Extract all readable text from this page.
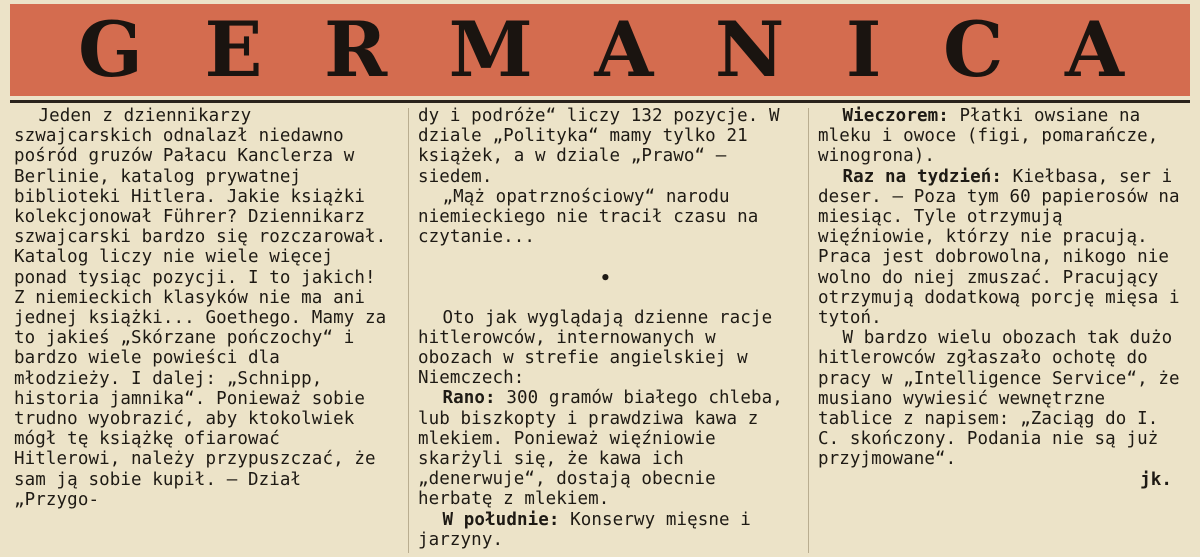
G E R M A N I C A

Jeden z dziennikarzy szwajcarskich odnalazł niedawno pośród gruzów Pałacu Kanclerza w Berlinie, katalog prywatnej biblioteki Hitlera. Jakie książki kolekcjonował Führer? Dziennikarz szwajcarski bardzo się rozczarował. Katalog liczy nie wiele więcej ponad tysiąc pozycji. I to jakich! Z niemieckich klasyków nie ma ani jednej książki... Goethego. Mamy za to jakieś „Skórzane pończochy“ i bardzo wiele powieści dla młodzieży. I dalej: „Schnipp, historia jamnika“. Ponieważ sobie trudno wyobrazić, aby ktokolwiek mógł tę książkę ofiarować Hitlerowi, należy przypuszczać, że sam ją sobie kupił. — Dział „Przygo-

dy i podróże“ liczy 132 pozycje. W dziale „Polityka“ mamy tylko 21 książek, a w dziale „Prawo“ — siedem.

„Mąż opatrznościowy“ narodu niemieckiego nie tracił czasu na czytanie...

•

Oto jak wyglądają dzienne racje hitlerowców, internowanych w obozach w strefie angielskiej w Niemczech:

Rano: 300 gramów białego chleba, lub biszkopty i prawdziwa kawa z mlekiem. Ponieważ więźniowie skarżyli się, że kawa ich „denerwuje“, dostają obecnie herbatę z mlekiem.

W południe: Konserwy mięsne i jarzyny.

Wieczorem: Płatki owsiane na mleku i owoce (figi, pomarańcze, winogrona).

Raz na tydzień: Kiełbasa, ser i deser. — Poza tym 60 papierosów na miesiąc. Tyle otrzymują więźniowie, którzy nie pracują. Praca jest dobrowolna, nikogo nie wolno do niej zmuszać. Pracujący otrzymują dodatkową porcję mięsa i tytoń.

W bardzo wielu obozach tak dużo hitlerowców zgłaszało ochotę do pracy w „Intelligence Service“, że musiano wywiesić wewnętrzne tablice z napisem: „Zaciąg do I. C. skończony. Podania nie są już przyjmowane“.

jk.
